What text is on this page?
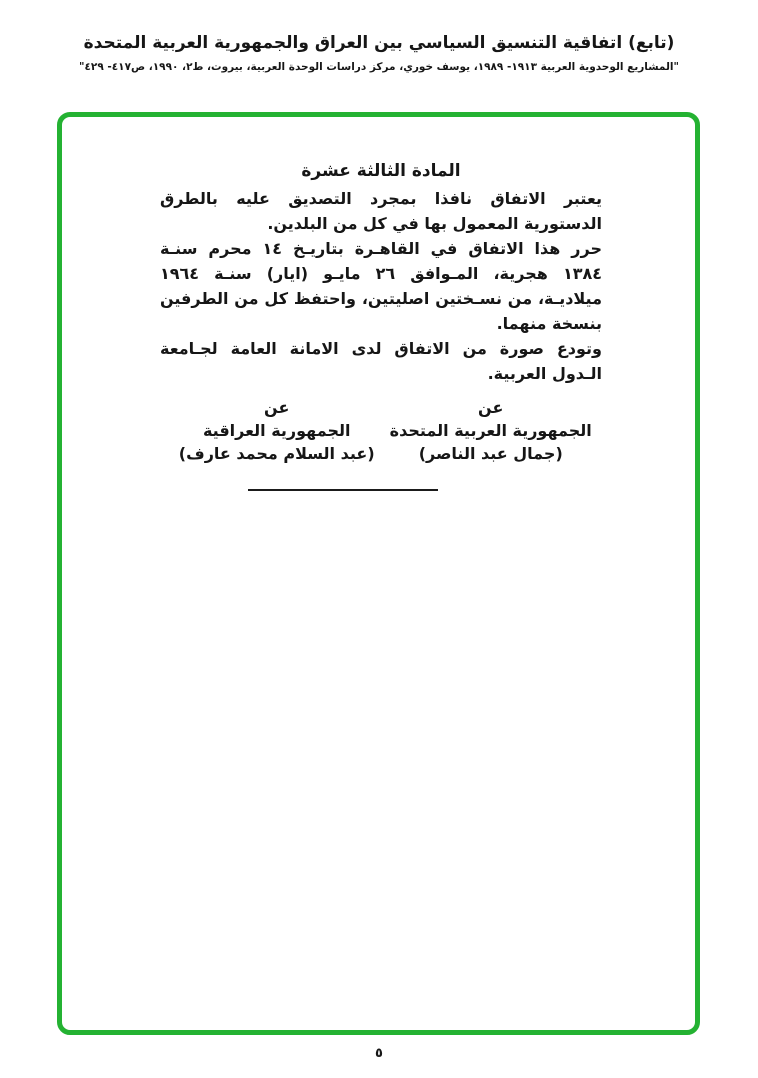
(تابع) اتفاقية التنسيق السياسي بين العراق والجمهورية العربية المتحدة
"المشاريع الوحدوية العربية ١٩١٣- ١٩٨٩، يوسف خوري، مركز دراسات الوحدة العربية، بيروت، ط٢، ١٩٩٠، ص٤١٧- ٤٢٩"
المادة الثالثة عشرة

يعتبر الاتفاق نافذا بمجرد التصديق عليه بالطرق الدستورية المعمول بها في كل من البلدين.

حرر هذا الاتفاق في القاهـرة بتاريـخ ١٤ محرم سنـة ١٣٨٤ هجرية، المـوافق ٢٦ مايـو (ايار) سنـة ١٩٦٤ ميلاديـة، من نسـختين اصليتين، واحتفظ كل من الطرفين بنسخة منهما.

وتودع صورة من الاتفاق لدى الامانة العامة لجـامعة الـدول العربية.

عن
الجمهورية العربية المتحدة
(جمال عبد الناصر)
عن
الجمهورية العراقية
(عبد السلام محمد عارف)
٥
